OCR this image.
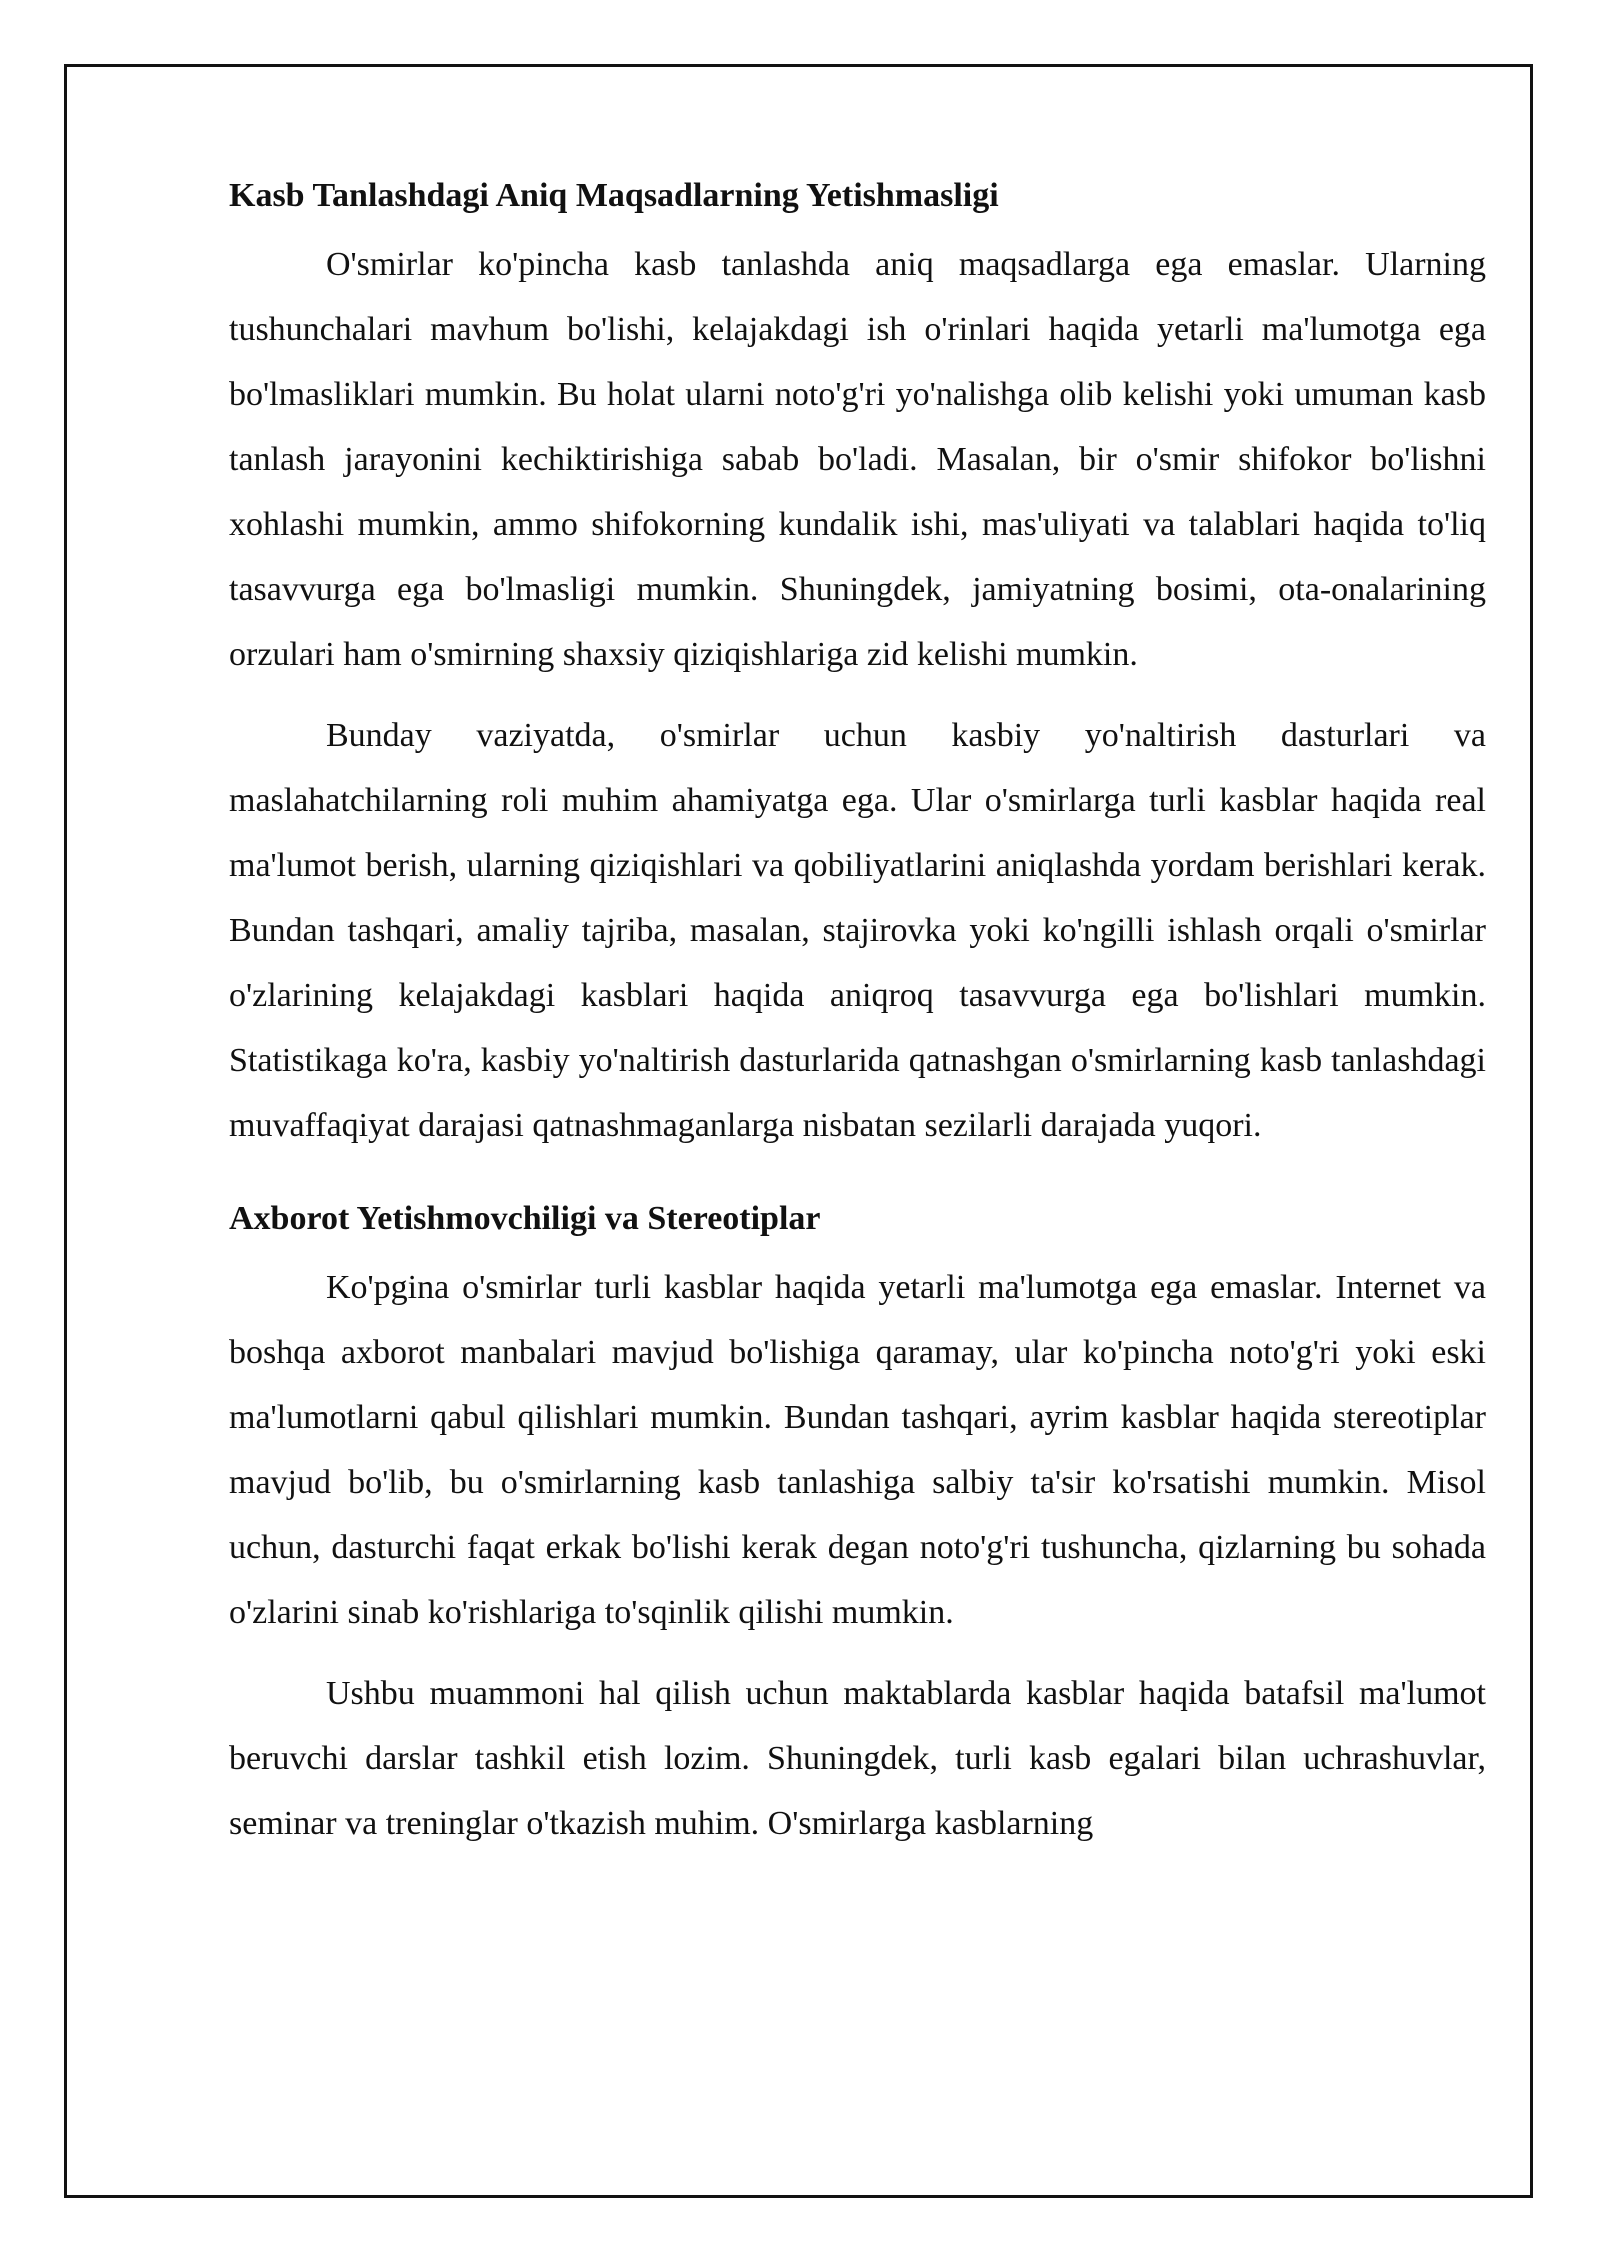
Kasb Tanlashdagi Aniq Maqsadlarning Yetishmasligi

O'smirlar ko'pincha kasb tanlashda aniq maqsadlarga ega emaslar. Ularning tushunchalari mavhum bo'lishi, kelajakdagi ish o'rinlari haqida yetarli ma'lumotga ega bo'lmasliklari mumkin. Bu holat ularni noto'g'ri yo'nalishga olib kelishi yoki umuman kasb tanlash jarayonini kechiktirishiga sabab bo'ladi. Masalan, bir o'smir shifokor bo'lishni xohlashi mumkin, ammo shifokorning kundalik ishi, mas'uliyati va talablari haqida to'liq tasavvurga ega bo'lmasligi mumkin. Shuningdek, jamiyatning bosimi, ota-onalarining orzulari ham o'smirning shaxsiy qiziqishlariga zid kelishi mumkin.

Bunday vaziyatda, o'smirlar uchun kasbiy yo'naltirish dasturlari va maslahatchilarning roli muhim ahamiyatga ega. Ular o'smirlarga turli kasblar haqida real ma'lumot berish, ularning qiziqishlari va qobiliyatlarini aniqlashda yordam berishlari kerak. Bundan tashqari, amaliy tajriba, masalan, stajirovka yoki ko'ngilli ishlash orqali o'smirlar o'zlarining kelajakdagi kasblari haqida aniqroq tasavvurga ega bo'lishlari mumkin. Statistikaga ko'ra, kasbiy yo'naltirish dasturlarida qatnashgan o'smirlarning kasb tanlashdagi muvaffaqiyat darajasi qatnashmaganlarga nisbatan sezilarli darajada yuqori.

Axborot Yetishmovchiligi va Stereotiplar

Ko'pgina o'smirlar turli kasblar haqida yetarli ma'lumotga ega emaslar. Internet va boshqa axborot manbalari mavjud bo'lishiga qaramay, ular ko'pincha noto'g'ri yoki eski ma'lumotlarni qabul qilishlari mumkin. Bundan tashqari, ayrim kasblar haqida stereotiplar mavjud bo'lib, bu o'smirlarning kasb tanlashiga salbiy ta'sir ko'rsatishi mumkin. Misol uchun, dasturchi faqat erkak bo'lishi kerak degan noto'g'ri tushuncha, qizlarning bu sohada o'zlarini sinab ko'rishlariga to'sqinlik qilishi mumkin.

Ushbu muammoni hal qilish uchun maktablarda kasblar haqida batafsil ma'lumot beruvchi darslar tashkil etish lozim. Shuningdek, turli kasb egalari bilan uchrashuvlar, seminar va treninglar o'tkazish muhim. O'smirlarga kasblarning
